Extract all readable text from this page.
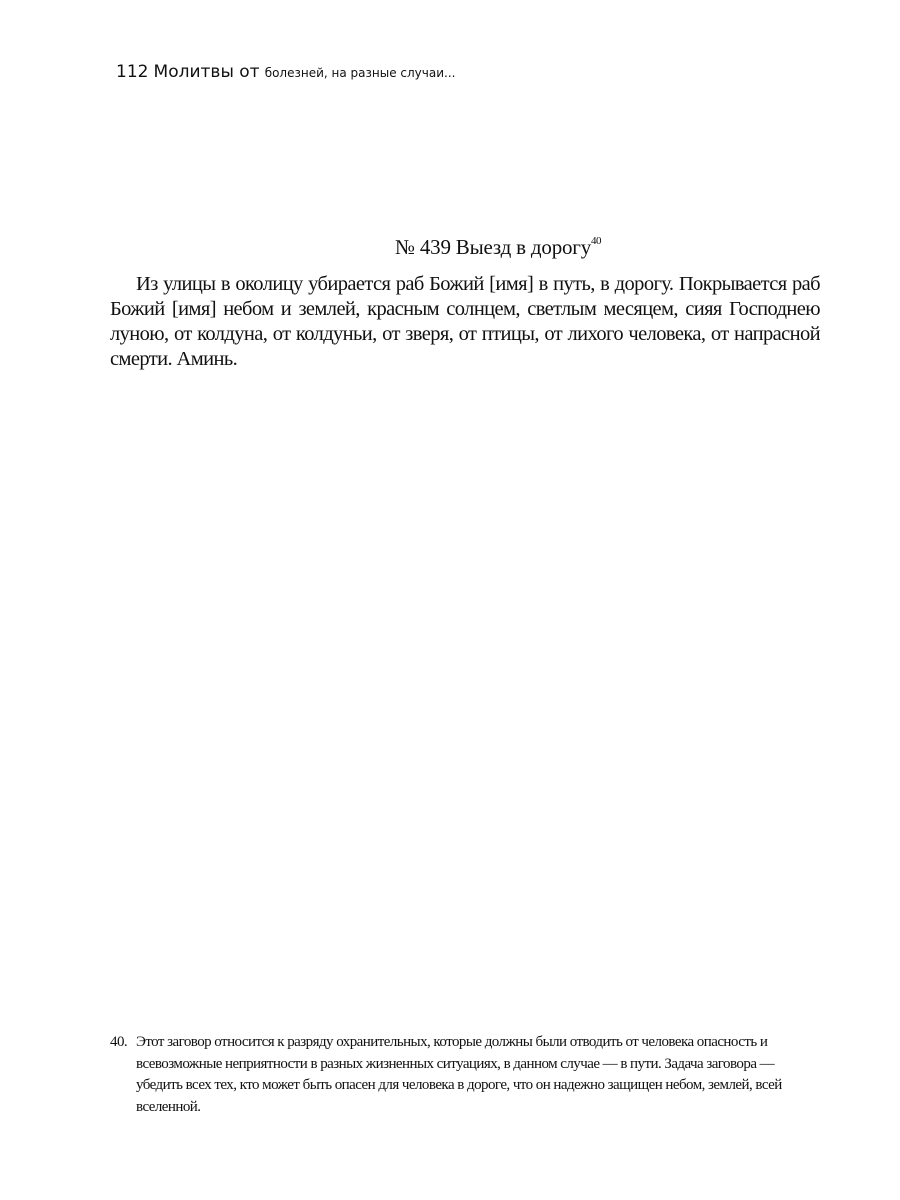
112 Молитвы от болезней, на разные случаи...
№ 439 Выезд в дорогу$^{40}$

Из улицы в околицу убирается раб Божий [имя] в путь, в дорогу. Покрывается раб Божий [имя] небом и землей, красным солнцем, светлым месяцем, сияя Господнею луною, от колдуна, от колдуньи, от зверя, от птицы, от лихого человека, от напрасной смерти. Аминь.

40. Этот заговор относится к разряду охранительных, которые должны были отводить от человека опасность и всевозможные неприятности в разных жизненных ситуациях, в данном случае — в пути. Задача заговора — убедить всех тех, кто может быть опасен для человека в дороге, что он надежно защищен небом, землей, всей вселенной.
